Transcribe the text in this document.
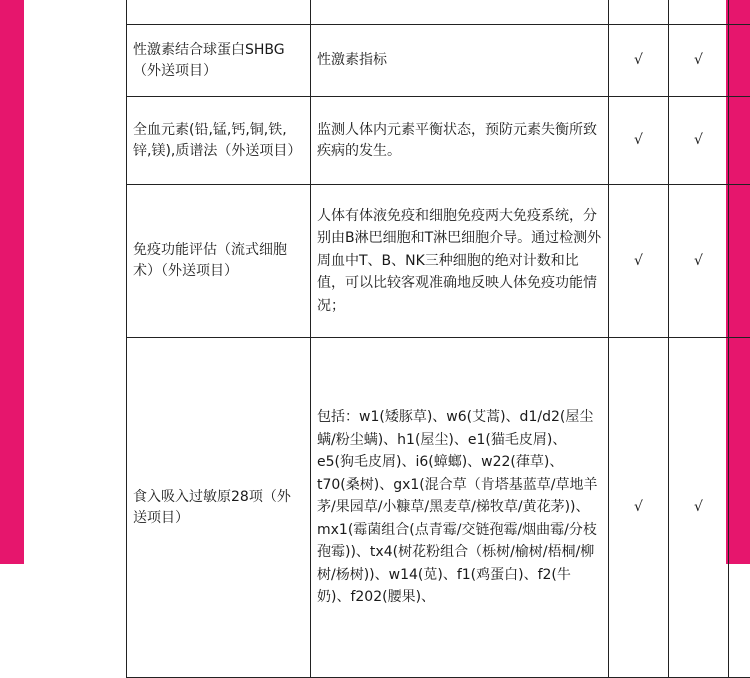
性激素结合球蛋白SHBG（外送项目）	性激素指标	√	√	
全血元素(铅,锰,钙,铜,铁,锌,镁),质谱法（外送项目）	监测人体内元素平衡状态，预防元素失衡所致疾病的发生。	√	√	
免疫功能评估（流式细胞术）（外送项目）	人体有体液免疫和细胞免疫两大免疫系统，分别由B淋巴细胞和T淋巴细胞介导。通过检测外周血中T、B、NK三种细胞的绝对计数和比值，可以比较客观准确地反映人体免疫功能情况；	√	√	
食入吸入过敏原28项（外送项目）	包括：w1(矮豚草)、w6(艾蒿)、d1/d2(屋尘螨/粉尘螨)、h1(屋尘)、e1(猫毛皮屑)、e5(狗毛皮屑)、i6(蟑螂)、w22(葎草)、t70(桑树)、gx1(混合草（肯塔基蓝草/草地羊茅/果园草/小糠草/黑麦草/梯牧草/黄花茅))、mx1(霉菌组合(点青霉/交链孢霉/烟曲霉/分枝孢霉))、tx4(树花粉组合（栎树/榆树/梧桐/柳树/杨树))、w14(苋)、f1(鸡蛋白)、f2(牛奶)、f202(腰果)、	√	√	
